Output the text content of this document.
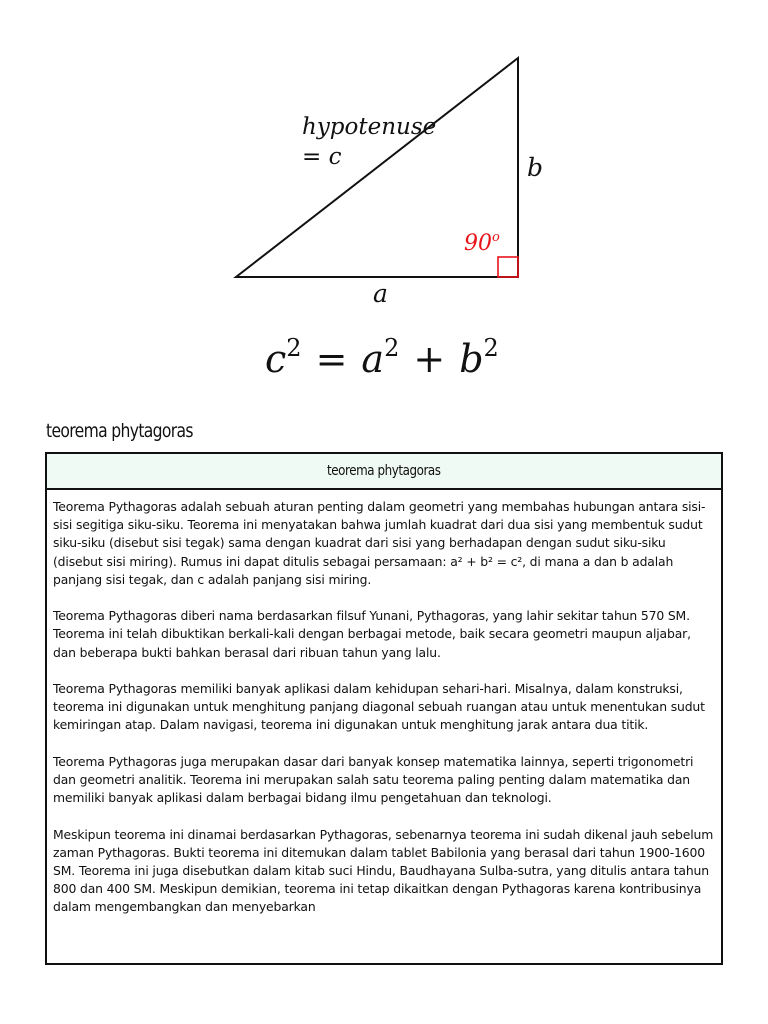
hypotenuse
= c	b
a
90$^o$
$c^2 = a^2 + b^2$
teorema phytagoras
teorema phytagoras

Teorema Pythagoras adalah sebuah aturan penting dalam geometri yang membahas hubungan antara sisi-sisi segitiga siku-siku. Teorema ini menyatakan bahwa jumlah kuadrat dari dua sisi yang membentuk sudut siku-siku (disebut sisi tegak) sama dengan kuadrat dari sisi yang berhadapan dengan sudut siku-siku (disebut sisi miring). Rumus ini dapat ditulis sebagai persamaan: a² + b² = c², di mana a dan b adalah panjang sisi tegak, dan c adalah panjang sisi miring.

Teorema Pythagoras diberi nama berdasarkan filsuf Yunani, Pythagoras, yang lahir sekitar tahun 570 SM. Teorema ini telah dibuktikan berkali-kali dengan berbagai metode, baik secara geometri maupun aljabar, dan beberapa bukti bahkan berasal dari ribuan tahun yang lalu.

Teorema Pythagoras memiliki banyak aplikasi dalam kehidupan sehari-hari. Misalnya, dalam konstruksi, teorema ini digunakan untuk menghitung panjang diagonal sebuah ruangan atau untuk menentukan sudut kemiringan atap. Dalam navigasi, teorema ini digunakan untuk menghitung jarak antara dua titik.

Teorema Pythagoras juga merupakan dasar dari banyak konsep matematika lainnya, seperti trigonometri dan geometri analitik. Teorema ini merupakan salah satu teorema paling penting dalam matematika dan memiliki banyak aplikasi dalam berbagai bidang ilmu pengetahuan dan teknologi.

Meskipun teorema ini dinamai berdasarkan Pythagoras, sebenarnya teorema ini sudah dikenal jauh sebelum zaman Pythagoras. Bukti teorema ini ditemukan dalam tablet Babilonia yang berasal dari tahun 1900-1600 SM. Teorema ini juga disebutkan dalam kitab suci Hindu, Baudhayana Sulba-sutra, yang ditulis antara tahun 800 dan 400 SM. Meskipun demikian, teorema ini tetap dikaitkan dengan Pythagoras karena kontribusinya dalam mengembangkan dan menyebarkan
